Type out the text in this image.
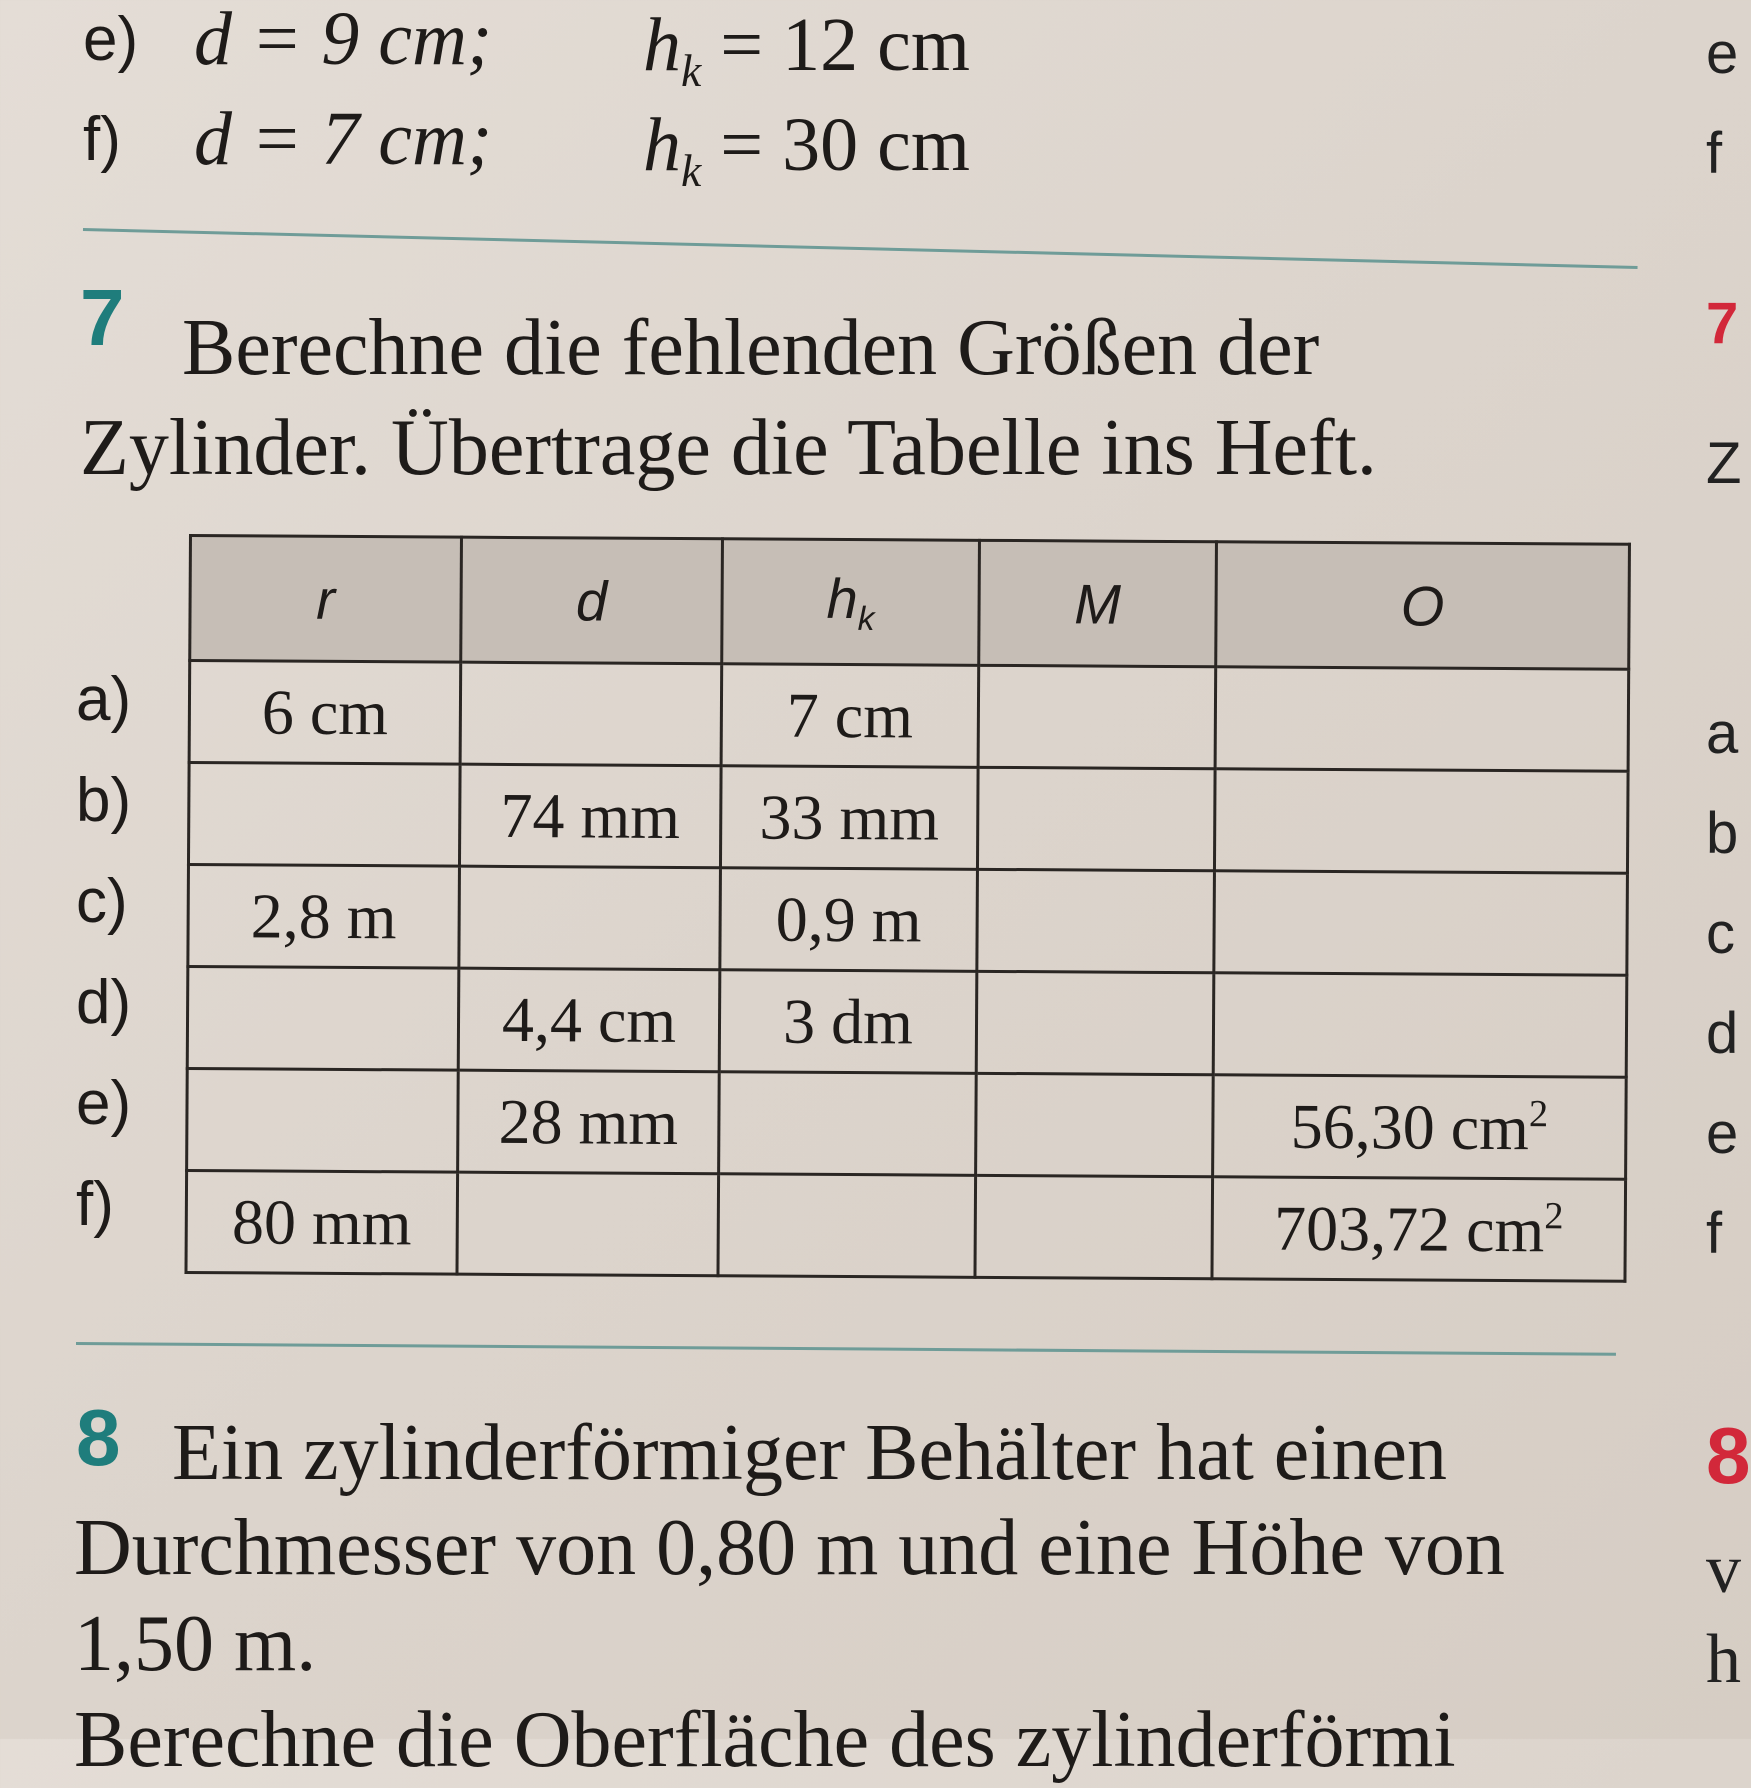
e) d = 9 cm; $h_k = 12$ cm
f) d = 7 cm; $h_k = 30$ cm
7 Berechne die fehlenden Größen der
Zylinder. Übertrage die Tabelle ins Heft.
r	d	$h_k$	M	O
6 cm		7 cm		
	74 mm	33 mm		
2,8 m		0,9 m		
	4,4 cm	3 dm		
	28 mm			56,30 $cm^2$
80 mm				703,72 $cm^2$
a)
b)
c)
d)
e)
f)
8 Ein zylinderförmiger Behälter hat einen
Durchmesser von 0,80 m und eine Höhe von
1,50 m.
Berechne die Oberfläche des zylinderförmi
e
f
7
Z
a
b
c
d
e
f
8
v
h
